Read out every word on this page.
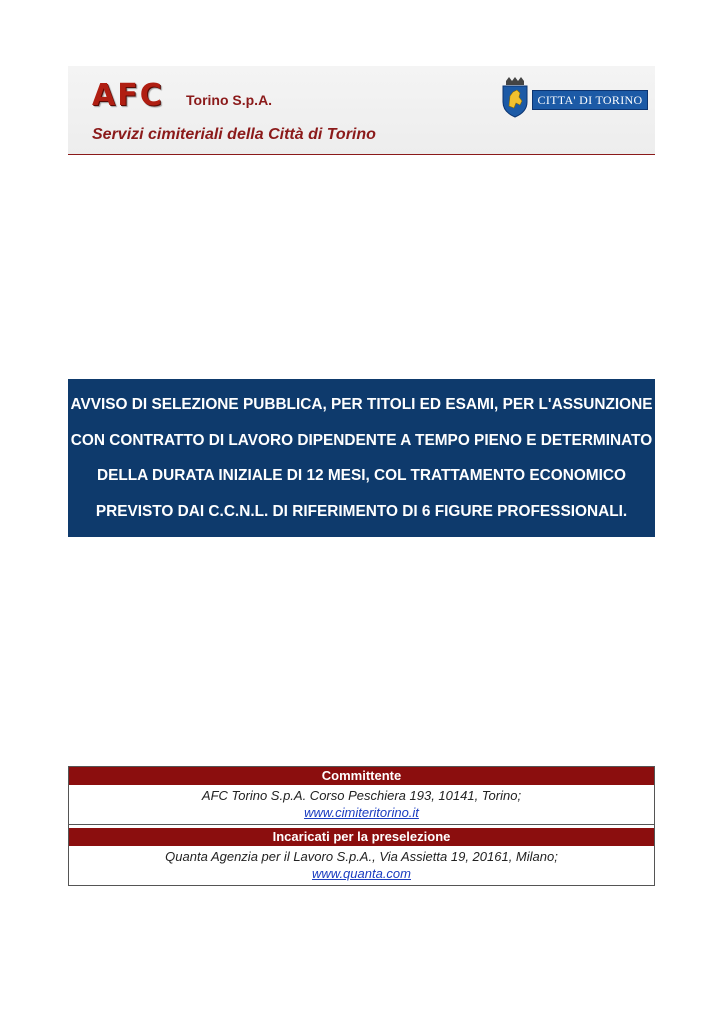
AFC Torino S.p.A.
Servizi cimiteriali della Città di Torino
CITTA' DI TORINO

AVVISO DI SELEZIONE PUBBLICA, PER TITOLI ED ESAMI, PER L'ASSUNZIONE CON CONTRATTO DI LAVORO DIPENDENTE A TEMPO PIENO E DETERMINATO DELLA DURATA INIZIALE DI 12 MESI, COL TRATTAMENTO ECONOMICO PREVISTO DAI C.C.N.L. DI RIFERIMENTO DI 6 FIGURE PROFESSIONALI.

Committente
AFC Torino S.p.A. Corso Peschiera 193, 10141, Torino;
www.cimiteritorino.it
Incaricati per la preselezione
Quanta Agenzia per il Lavoro S.p.A., Via Assietta 19, 20161, Milano;
www.quanta.com
